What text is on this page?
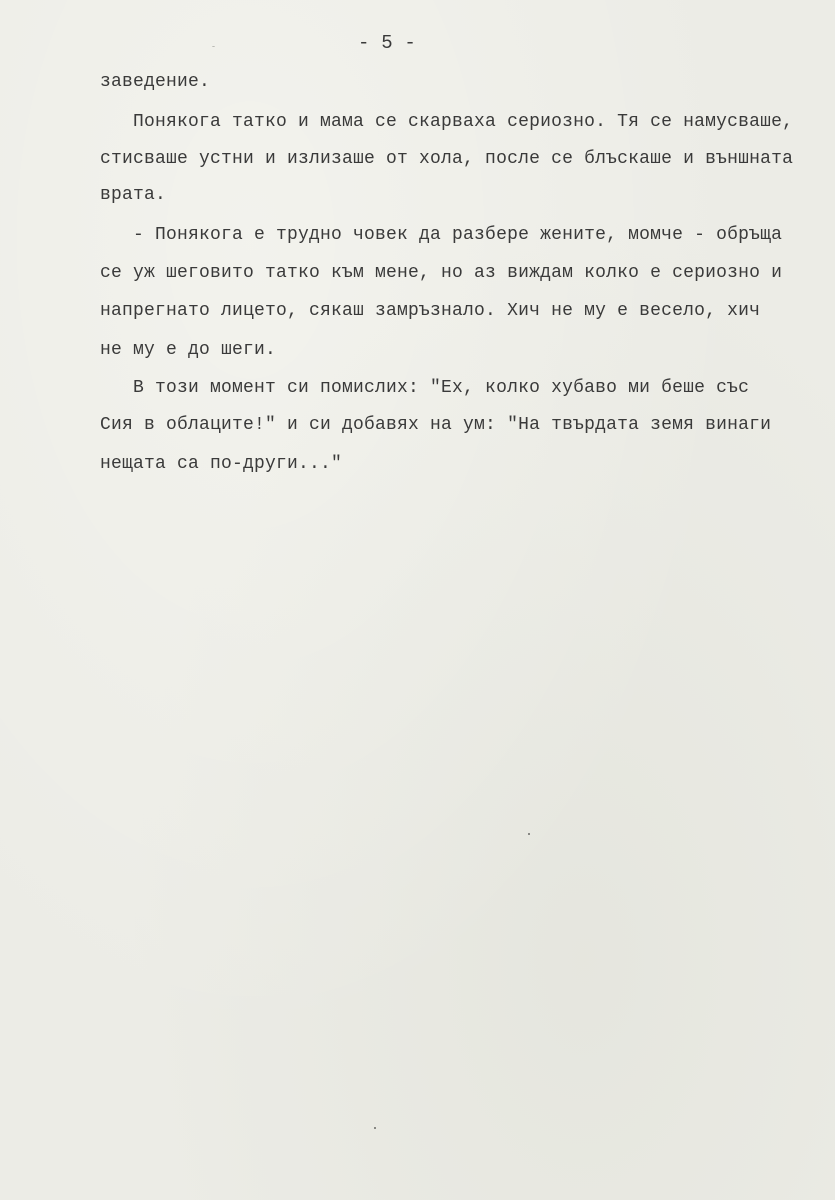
- 5 -
заведение.
Понякога татко и мама се скарваха сериозно. Тя се намусваше,
стисваше устни и излизаше от хола, после се блъскаше и външната
врата.
- Понякога е трудно човек да разбере жените, момче - обръща
се уж шеговито татко към мене, но аз виждам колко е сериозно и
напрегнато лицето, сякаш замръзнало. Хич не му е весело, хич
не му е до шеги.
В този момент си помислих: "Ех, колко хубаво ми беше със
Сия в облаците!" и си добавях на ум: "На твърдата земя винаги
нещата са по-други..."
